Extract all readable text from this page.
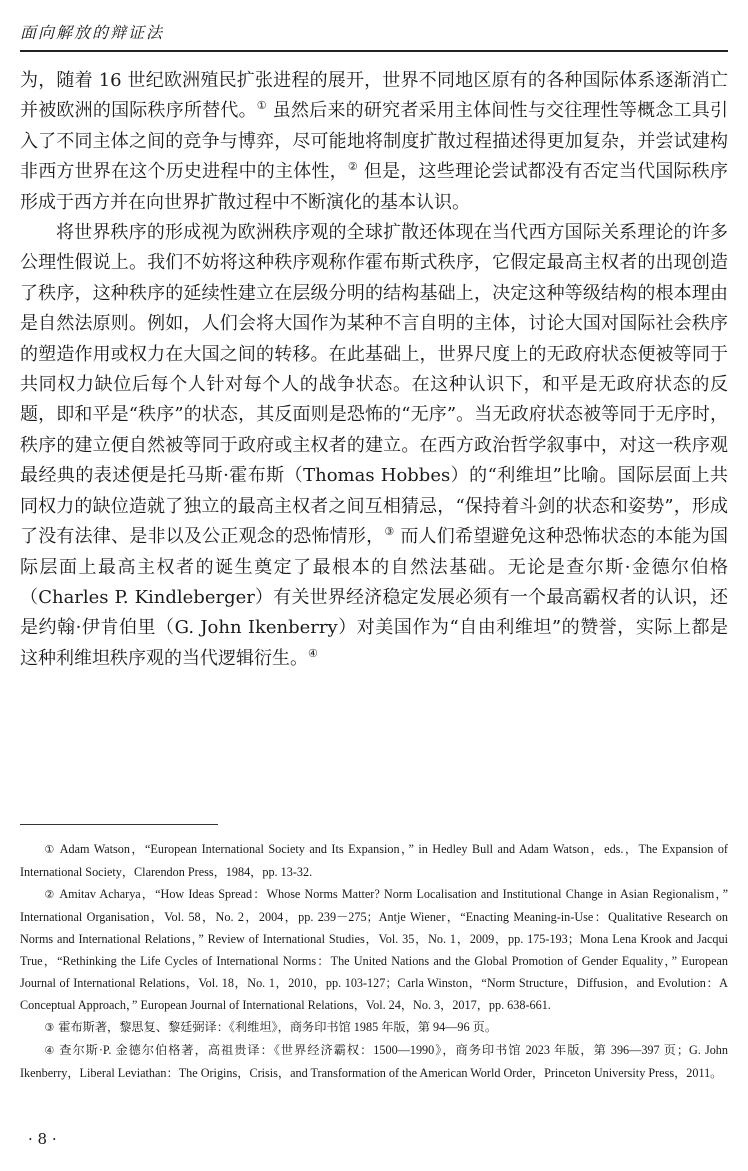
面向解放的辩证法

为，随着 16 世纪欧洲殖民扩张进程的展开，世界不同地区原有的各种国际体系逐渐消亡并被欧洲的国际秩序所替代。① 虽然后来的研究者采用主体间性与交往理性等概念工具引入了不同主体之间的竞争与博弈，尽可能地将制度扩散过程描述得更加复杂，并尝试建构非西方世界在这个历史进程中的主体性，② 但是，这些理论尝试都没有否定当代国际秩序形成于西方并在向世界扩散过程中不断演化的基本认识。

将世界秩序的形成视为欧洲秩序观的全球扩散还体现在当代西方国际关系理论的许多公理性假说上。我们不妨将这种秩序观称作霍布斯式秩序，它假定最高主权者的出现创造了秩序，这种秩序的延续性建立在层级分明的结构基础上，决定这种等级结构的根本理由是自然法原则。例如，人们会将大国作为某种不言自明的主体，讨论大国对国际社会秩序的塑造作用或权力在大国之间的转移。在此基础上，世界尺度上的无政府状态便被等同于共同权力缺位后每个人针对每个人的战争状态。在这种认识下，和平是无政府状态的反题，即和平是“秩序”的状态，其反面则是恐怖的“无序”。当无政府状态被等同于无序时，秩序的建立便自然被等同于政府或主权者的建立。在西方政治哲学叙事中，对这一秩序观最经典的表述便是托马斯·霍布斯（Thomas Hobbes）的“利维坦”比喻。国际层面上共同权力的缺位造就了独立的最高主权者之间互相猜忌，“保持着斗剑的状态和姿势”，形成了没有法律、是非以及公正观念的恐怖情形，③ 而人们希望避免这种恐怖状态的本能为国际层面上最高主权者的诞生奠定了最根本的自然法基础。无论是查尔斯·金德尔伯格（Charles P. Kindleberger）有关世界经济稳定发展必须有一个最高霸权者的认识，还是约翰·伊肯伯里（G. John Ikenberry）对美国作为“自由利维坦”的赞誉，实际上都是这种利维坦秩序观的当代逻辑衍生。④

① Adam Watson，“European International Society and Its Expansion，” in Hedley Bull and Adam Watson，eds.，The Expansion of International Society，Clarendon Press，1984，pp. 13-32.

② Amitav Acharya，“How Ideas Spread：Whose Norms Matter? Norm Localisation and Institutional Change in Asian Regionalism，” International Organisation，Vol. 58，No. 2，2004，pp. 239－275；Antje Wiener，“Enacting Meaning-in-Use：Qualitative Research on Norms and International Relations，” Review of International Studies，Vol. 35，No. 1，2009，pp. 175-193；Mona Lena Krook and Jacqui True，“Rethinking the Life Cycles of International Norms：The United Nations and the Global Promotion of Gender Equality，” European Journal of International Relations，Vol. 18，No. 1，2010，pp. 103-127；Carla Winston，“Norm Structure，Diffusion，and Evolution：A Conceptual Approach，” European Journal of International Relations，Vol. 24，No. 3，2017，pp. 638-661.

③ 霍布斯著，黎思复、黎廷弼译：《利维坦》，商务印书馆 1985 年版，第 94—96 页。

④ 查尔斯·P. 金德尔伯格著，高祖贵译：《世界经济霸权：1500—1990》，商务印书馆 2023 年版，第 396—397 页；G. John Ikenberry，Liberal Leviathan：The Origins，Crisis，and Transformation of the American World Order，Princeton University Press，2011。

· 8 ·
